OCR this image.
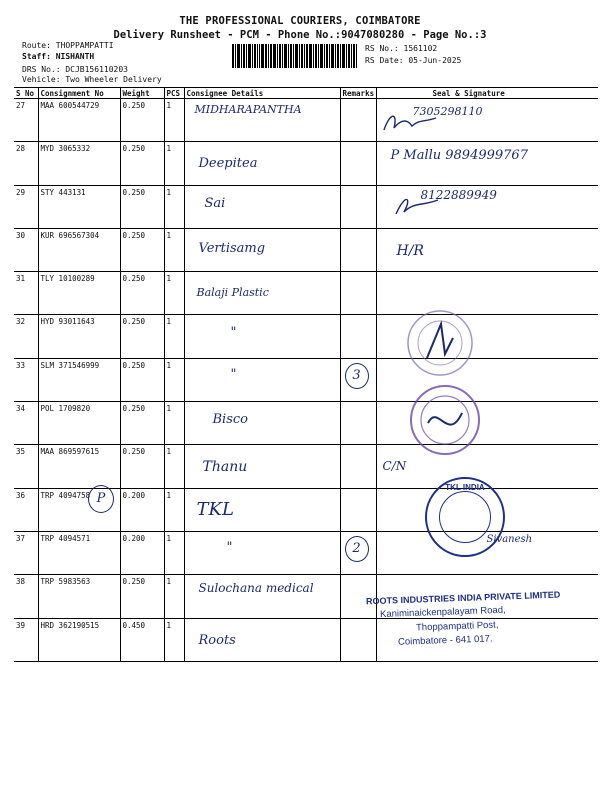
THE PROFESSIONAL COURIERS, COIMBATORE
Delivery Runsheet - PCM - Phone No.:9047080280 - Page No.:3
Route: THOPPAMPATTI
Staff: NISHANTH
DRS No.: DCJB156110203
Vehicle: Two Wheeler Delivery
RS No.: 1561102
RS Date: 05-Jun-2025
S No	Consignment No	Weight	PCS	Consignee Details	Remarks	Seal & Signature
27	MAA 600544729	0.250	1	MIDHARAPANTHA		7305298110

28	MYD 3065332	0.250	1	Deepitea		P Mallu 9894999767

29	STY 443131	0.250	1	Sai		8122889949

30	KUR 696567304	0.250	1	Vertisamg		H/R

31	TLY 10100289	0.250	1	Balaji Plastic		

32	HYD 93011643	0.250	1	"		

33	SLM 371546999	0.250	1	"	3	

34	POL 1709820	0.250	1	Bisco		

35	MAA 869597615	0.250	1	Thanu		C/N

36	TRP 4094758	0.200	1	TKL		

37	TRP 4094571	0.200	1	"	2	Sivanesh

38	TRP 5983563	0.250	1	Sulochana medical		

39	HRD 362190515	0.450	1	Roots		

P
TKL INDIA
ROOTS INDUSTRIES INDIA PRIVATE LIMITED
Kaniminaickenpalayam Road,
Thoppampatti Post,
Coimbatore - 641 017.
